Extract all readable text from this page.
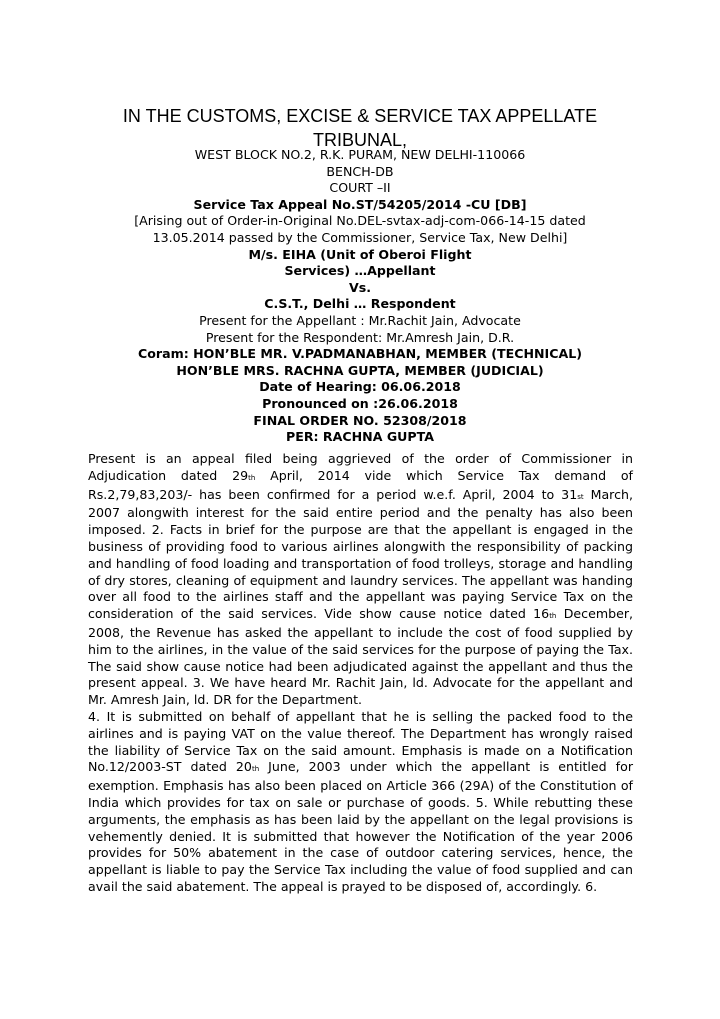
IN THE CUSTOMS, EXCISE & SERVICE TAX APPELLATE
TRIBUNAL,
WEST BLOCK NO.2, R.K. PURAM, NEW DELHI-110066
BENCH-DB
COURT –II
Service Tax Appeal No.ST/54205/2014 -CU [DB]
[Arising out of Order-in-Original No.DEL-svtax-adj-com-066-14-15 dated
13.05.2014 passed by the Commissioner, Service Tax, New Delhi]
M/s. EIHA (Unit of Oberoi Flight
Services) …Appellant
Vs.
C.S.T., Delhi … Respondent
Present for the Appellant : Mr.Rachit Jain, Advocate
Present for the Respondent: Mr.Amresh Jain, D.R.
Coram: HON’BLE MR. V.PADMANABHAN, MEMBER (TECHNICAL)
HON’BLE MRS. RACHNA GUPTA, MEMBER (JUDICIAL)
Date of Hearing: 06.06.2018
Pronounced on :26.06.2018
FINAL ORDER NO. 52308/2018
PER: RACHNA GUPTA

Present is an appeal filed being aggrieved of the order of Commissioner in Adjudication dated 29th April, 2014 vide which Service Tax demand of Rs.2,79,83,203/- has been confirmed for a period w.e.f. April, 2004 to 31st March, 2007 alongwith interest for the said entire period and the penalty has also been imposed. 2. Facts in brief for the purpose are that the appellant is engaged in the business of providing food to various airlines alongwith the responsibility of packing and handling of food loading and transportation of food trolleys, storage and handling of dry stores, cleaning of equipment and laundry services. The appellant was handing over all food to the airlines staff and the appellant was paying Service Tax on the consideration of the said services. Vide show cause notice dated 16th December, 2008, the Revenue has asked the appellant to include the cost of food supplied by him to the airlines, in the value of the said services for the purpose of paying the Tax. The said show cause notice had been adjudicated against the appellant and thus the present appeal. 3. We have heard Mr. Rachit Jain, ld. Advocate for the appellant and Mr. Amresh Jain, ld. DR for the Department.

4. It is submitted on behalf of appellant that he is selling the packed food to the airlines and is paying VAT on the value thereof. The Department has wrongly raised the liability of Service Tax on the said amount. Emphasis is made on a Notification No.12/2003-ST dated 20th June, 2003 under which the appellant is entitled for exemption. Emphasis has also been placed on Article 366 (29A) of the Constitution of India which provides for tax on sale or purchase of goods. 5. While rebutting these arguments, the emphasis as has been laid by the appellant on the legal provisions is vehemently denied. It is submitted that however the Notification of the year 2006 provides for 50% abatement in the case of outdoor catering services, hence, the appellant is liable to pay the Service Tax including the value of food supplied and can avail the said abatement. The appeal is prayed to be disposed of, accordingly. 6.
